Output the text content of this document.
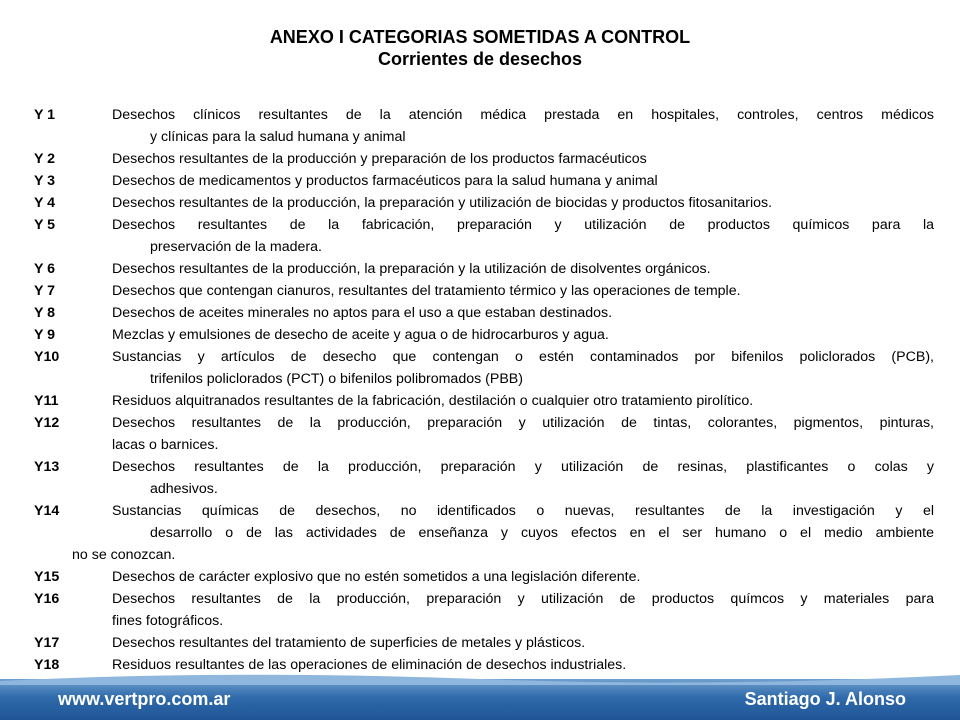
ANEXO I CATEGORIAS SOMETIDAS A CONTROL
Corrientes de desechos
Y 1	Desechos clínicos resultantes de la atención médica prestada en hospitales, controles, centros médicos
y clínicas para la salud humana y animal
Y 2	Desechos resultantes de la producción y preparación de los productos farmacéuticos
Y 3	Desechos de medicamentos y productos farmacéuticos para la salud humana y animal
Y 4	Desechos resultantes de la producción, la preparación y utilización de biocidas y productos fitosanitarios.
Y 5	Desechos resultantes de la fabricación, preparación y utilización de productos químicos para la
preservación de la madera.
Y 6	Desechos resultantes de la producción, la preparación y la utilización de disolventes orgánicos.
Y 7	Desechos que contengan cianuros, resultantes del tratamiento térmico y las operaciones de temple.
Y 8	Desechos de aceites minerales no aptos para el uso a que estaban destinados.
Y 9	Mezclas y emulsiones de desecho de aceite y agua o de hidrocarburos y agua.
Y10	Sustancias y artículos de desecho que contengan o estén contaminados por bifenilos policlorados (PCB),
trifenilos policlorados (PCT) o bifenilos polibromados (PBB)
Y11	Residuos alquitranados resultantes de la fabricación, destilación o cualquier otro tratamiento pirolítico.
Y12	Desechos resultantes de la producción, preparación y utilización de tintas, colorantes, pigmentos, pinturas,
lacas o barnices.
Y13	Desechos resultantes de la producción, preparación y utilización de resinas, plastificantes o colas y
adhesivos.
Y14	Sustancias químicas de desechos, no identificados o nuevas, resultantes de la investigación y el
desarrollo o de las actividades de enseñanza y cuyos efectos en el ser humano o el medio ambiente
no se conozcan.
Y15	Desechos de carácter explosivo que no estén sometidos a una legislación diferente.
Y16	Desechos resultantes de la producción, preparación y utilización de productos químcos y materiales para
fines fotográficos.
Y17	Desechos resultantes del tratamiento de superficies de metales y plásticos.
Y18	Residuos resultantes de las operaciones de eliminación de desechos industriales.
www.vertpro.com.ar	Santiago J. Alonso
